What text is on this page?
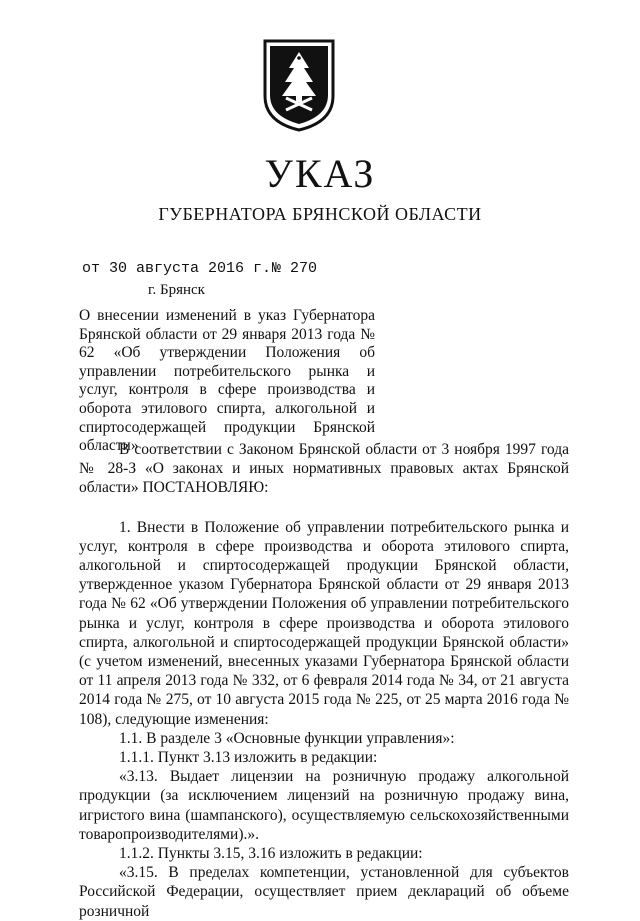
УКАЗ
ГУБЕРНАТОРА БРЯНСКОЙ ОБЛАСТИ
от 30 августа 2016 г. № 270
г. Брянск
О внесении изменений в указ Губернатора Брянской области от 29 января 2013 года № 62 «Об утверждении Положения об управлении потребительского рынка и услуг, контроля в сфере производства и оборота этилового спирта, алкогольной и спиртосодержащей продукции Брянской области»

В соответствии с Законом Брянской области от 3 ноября 1997 года № 28-З «О законах и иных нормативных правовых актах Брянской области» ПОСТАНОВЛЯЮ:

1. Внести в Положение об управлении потребительского рынка и услуг, контроля в сфере производства и оборота этилового спирта, алкогольной и спиртосодержащей продукции Брянской области, утвержденное указом Губернатора Брянской области от 29 января 2013 года № 62 «Об утверждении Положения об управлении потребительского рынка и услуг, контроля в сфере производства и оборота этилового спирта, алкогольной и спиртосодержащей продукции Брянской области» (с учетом изменений, внесенных указами Губернатора Брянской области от 11 апреля 2013 года № 332, от 6 февраля 2014 года № 34, от 21 августа 2014 года № 275, от 10 августа 2015 года № 225, от 25 марта 2016 года № 108), следующие изменения:

1.1. В разделе 3 «Основные функции управления»:

1.1.1. Пункт 3.13 изложить в редакции:

«3.13. Выдает лицензии на розничную продажу алкогольной продукции (за исключением лицензий на розничную продажу вина, игристого вина (шампанского), осуществляемую сельскохозяйственными товаропроизводителями).».

1.1.2. Пункты 3.15, 3.16 изложить в редакции:

«3.15. В пределах компетенции, установленной для субъектов Российской Федерации, осуществляет прием деклараций об объеме розничной
